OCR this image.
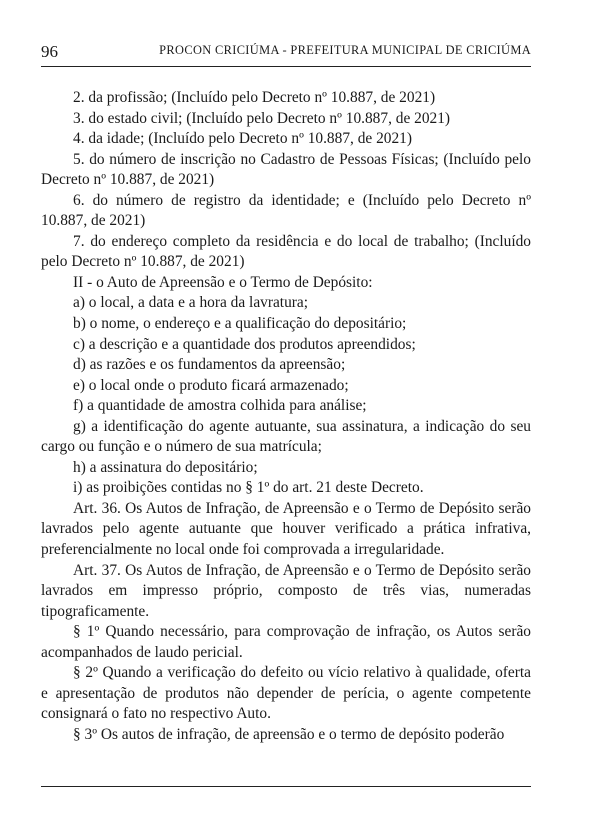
96	PROCON CRICIÚMA - PREFEITURA MUNICIPAL DE CRICIÚMA

2. da profissão; (Incluído pelo Decreto nº 10.887, de 2021)

3. do estado civil; (Incluído pelo Decreto nº 10.887, de 2021)

4. da idade; (Incluído pelo Decreto nº 10.887, de 2021)

5. do número de inscrição no Cadastro de Pessoas Físicas; (Incluído pelo Decreto nº 10.887, de 2021)

6. do número de registro da identidade; e (Incluído pelo Decreto nº 10.887, de 2021)

7. do endereço completo da residência e do local de trabalho; (Incluído pelo Decreto nº 10.887, de 2021)

II - o Auto de Apreensão e o Termo de Depósito:

a) o local, a data e a hora da lavratura;

b) o nome, o endereço e a qualificação do depositário;

c) a descrição e a quantidade dos produtos apreendidos;

d) as razões e os fundamentos da apreensão;

e) o local onde o produto ficará armazenado;

f) a quantidade de amostra colhida para análise;

g) a identificação do agente autuante, sua assinatura, a indicação do seu cargo ou função e o número de sua matrícula;

h) a assinatura do depositário;

i) as proibições contidas no § 1º do art. 21 deste Decreto.

Art. 36. Os Autos de Infração, de Apreensão e o Termo de Depósito serão lavrados pelo agente autuante que houver verificado a prática infrativa, preferencialmente no local onde foi comprovada a irregularidade.

Art. 37. Os Autos de Infração, de Apreensão e o Termo de Depósito serão lavrados em impresso próprio, composto de três vias, numeradas tipograficamente.

§ 1º Quando necessário, para comprovação de infração, os Autos serão acompanhados de laudo pericial.

§ 2º Quando a verificação do defeito ou vício relativo à qualidade, oferta e apresentação de produtos não depender de perícia, o agente competente consignará o fato no respectivo Auto.

§ 3º Os autos de infração, de apreensão e o termo de depósito poderão
